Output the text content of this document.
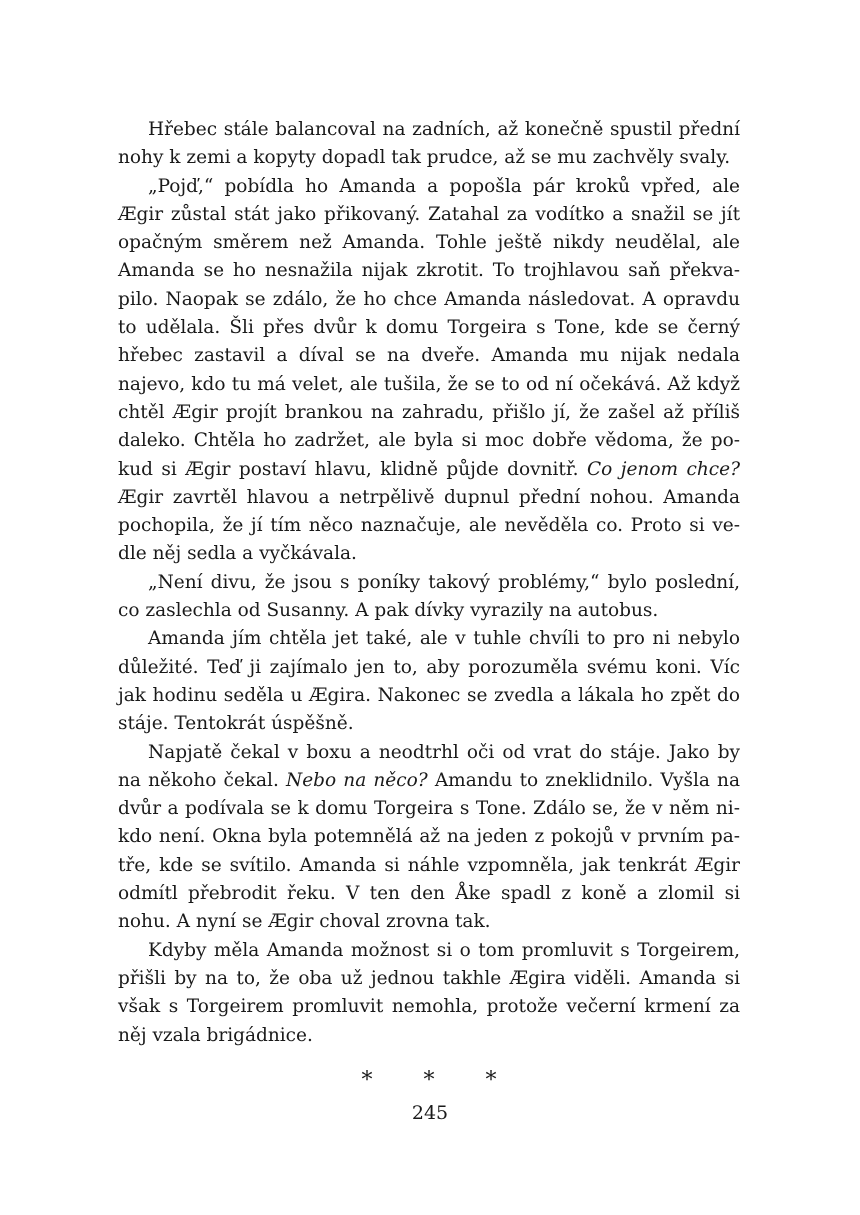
Hřebec stále balancoval na zadních, až konečně spustil přední nohy k zemi a kopyty dopadl tak prudce, až se mu zachvěly svaly.

„Pojď,“ pobídla ho Amanda a popošla pár kroků vpřed, ale Ægir zůstal stát jako přikovaný. Zatahal za vodítko a snažil se jít opačným směrem než Amanda. Tohle ještě nikdy neudělal, ale Amanda se ho nesnažila nijak zkrotit. To trojhlavou saň překvapilo. Naopak se zdálo, že ho chce Amanda následovat. A opravdu to udělala. Šli přes dvůr k domu Torgeira s Tone, kde se černý hřebec zastavil a díval se na dveře. Amanda mu nijak nedala najevo, kdo tu má velet, ale tušila, že se to od ní očekává. Až když chtěl Ægir projít brankou na zahradu, přišlo jí, že zašel až příliš daleko. Chtěla ho zadržet, ale byla si moc dobře vědoma, že pokud si Ægir postaví hlavu, klidně půjde dovnitř. Co jenom chce? Ægir zavrtěl hlavou a netrpělivě dupnul přední nohou. Amanda pochopila, že jí tím něco naznačuje, ale nevěděla co. Proto si vedle něj sedla a vyčkávala.

„Není divu, že jsou s poníky takový problémy,“ bylo poslední, co zaslechla od Susanny. A pak dívky vyrazily na autobus.

Amanda jím chtěla jet také, ale v tuhle chvíli to pro ni nebylo důležité. Teď ji zajímalo jen to, aby porozuměla svému koni. Víc jak hodinu seděla u Ægira. Nakonec se zvedla a lákala ho zpět do stáje. Tentokrát úspěšně.

Napjatě čekal v boxu a neodtrhl oči od vrat do stáje. Jako by na někoho čekal. Nebo na něco? Amandu to zneklidnilo. Vyšla na dvůr a podívala se k domu Torgeira s Tone. Zdálo se, že v něm nikdo není. Okna byla potemnělá až na jeden z pokojů v prvním patře, kde se svítilo. Amanda si náhle vzpomněla, jak tenkrát Ægir odmítl přebrodit řeku. V ten den Åke spadl z koně a zlomil si nohu. A nyní se Ægir choval zrovna tak.

Kdyby měla Amanda možnost si o tom promluvit s Torgeirem, přišli by na to, že oba už jednou takhle Ægira viděli. Amanda si však s Torgeirem promluvit nemohla, protože večerní krmení za něj vzala brigádnice.

* * *
245
